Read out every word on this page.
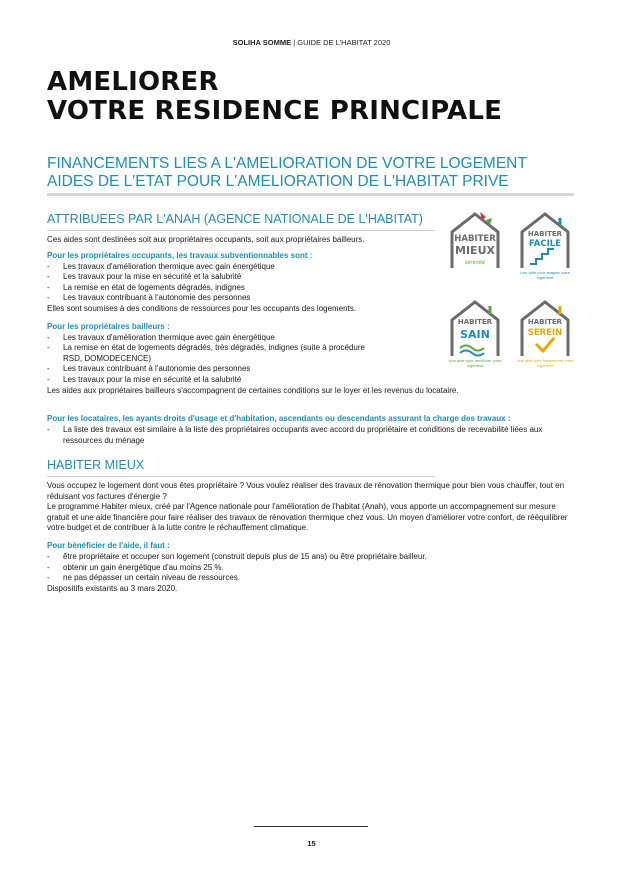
SOLIHA SOMME | GUIDE DE L'HABITAT 2020
AMELIORER
VOTRE RESIDENCE PRINCIPALE
FINANCEMENTS LIES A L'AMELIORATION DE VOTRE LOGEMENT
AIDES DE L'ETAT POUR L'AMELIORATION DE L'HABITAT PRIVE
ATTRIBUEES PAR L'ANAH (AGENCE NATIONALE DE L'HABITAT)

Ces aides sont destinées soit aux propriétaires occupants, soit aux propriétaires bailleurs.

Pour les propriétaires occupants, les travaux subventionnables sont :
- Les travaux d'amélioration thermique avec gain énergétique
- Les travaux pour la mise en sécurité et la salubrité
- La remise en état de logements dégradés, indignes
- Les travaux contribuant à l'autonomie des personnes

Elles sont soumises à des conditions de ressources pour les occupants des logements.

Pour les propriétaires bailleurs :
- Les travaux d'amélioration thermique avec gain énergétique
- La remise en état de logements dégradés, très dégradés, indignes (suite à procédure RSD, DOMODECENCE)
- Les travaux contribuant à l'autonomie des personnes
- Les travaux pour la mise en sécurité et la salubrité

Les aides aux propriétaires bailleurs s'accompagnent de certaines conditions sur le loyer et les revenus du locataire.

Pour les locataires, les ayants droits d'usage et d'habitation, ascendants ou descendants assurant la charge des travaux :
- La liste des travaux est similaire à la liste des propriétaires occupants avec accord du propriétaire et conditions de recevabilité liées aux ressources du ménage
HABITER
MIEUX
sérénité
HABITER
FACILE
Une aide pour adapter votre logement
HABITER
SAIN
Une aide pour améliorer votre logement
HABITER
SEREIN
Une aide pour transformer votre logement
HABITER MIEUX

Vous occupez le logement dont vous êtes propriétaire ? Vous voulez réaliser des travaux de rénovation thermique pour bien vous chauffer, tout en réduisant vos factures d'énergie ?

Le programme Habiter mieux, créé par l'Agence nationale pour l'amélioration de l'habitat (Anah), vous apporte un accompagnement sur mesure gratuit et une aide financière pour faire réaliser des travaux de rénovation thermique chez vous. Un moyen d'améliorer votre confort, de rééquilibrer votre budget et de contribuer à la lutte contre le réchauffement climatique.

Pour bénéficier de l'aide, il faut :
- être propriétaire et occuper son logement (construit depuis plus de 15 ans) ou être propriétaire bailleur.
- obtenir un gain énergétique d'au moins 25 %.
- ne pas dépasser un certain niveau de ressources.

Dispositifs existants au 3 mars 2020.

15
